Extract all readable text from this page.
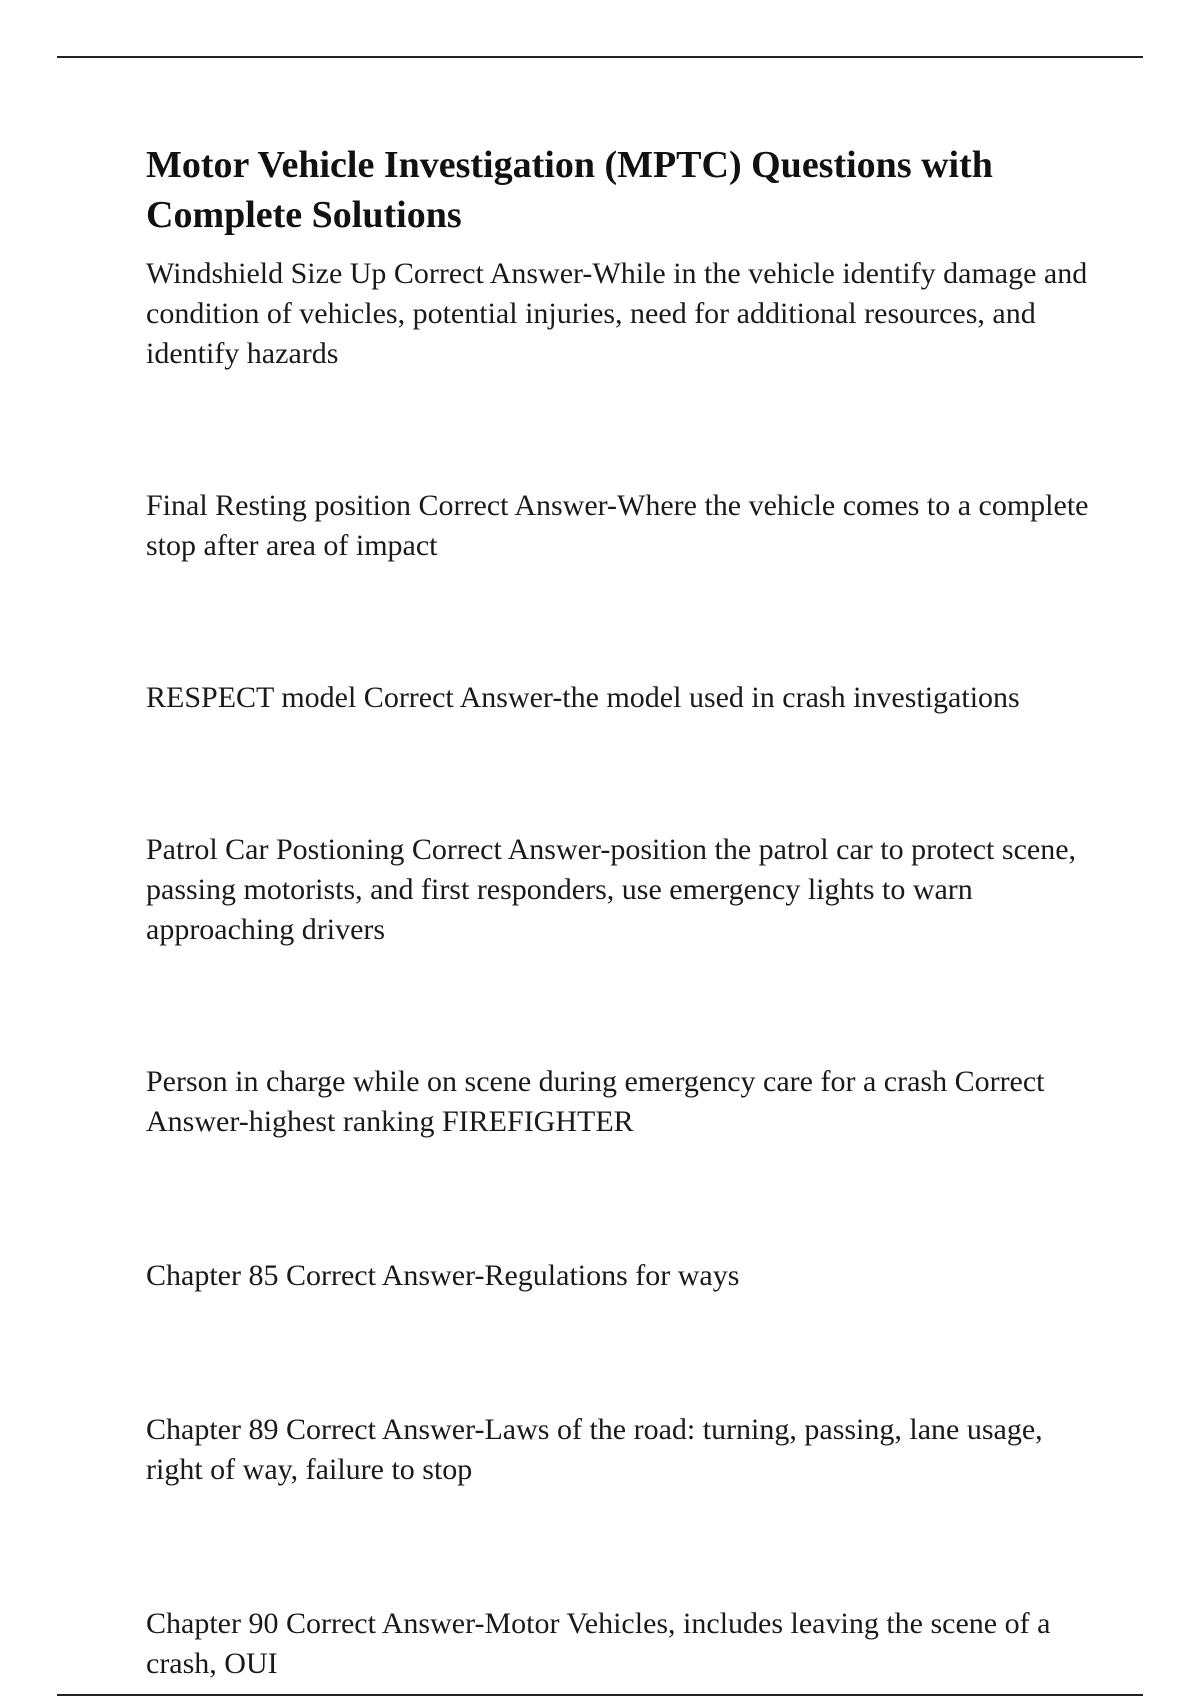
Motor Vehicle Investigation (MPTC) Questions with Complete Solutions
Windshield Size Up Correct Answer-While in the vehicle identify damage and condition of vehicles, potential injuries, need for additional resources, and identify hazards
Final Resting position Correct Answer-Where the vehicle comes to a complete stop after area of impact
RESPECT model Correct Answer-the model used in crash investigations
Patrol Car Postioning Correct Answer-position the patrol car to protect scene, passing motorists, and first responders, use emergency lights to warn approaching drivers
Person in charge while on scene during emergency care for a crash Correct Answer-highest ranking FIREFIGHTER
Chapter 85 Correct Answer-Regulations for ways
Chapter 89 Correct Answer-Laws of the road: turning, passing, lane usage, right of way, failure to stop
Chapter 90 Correct Answer-Motor Vehicles, includes leaving the scene of a crash, OUI
